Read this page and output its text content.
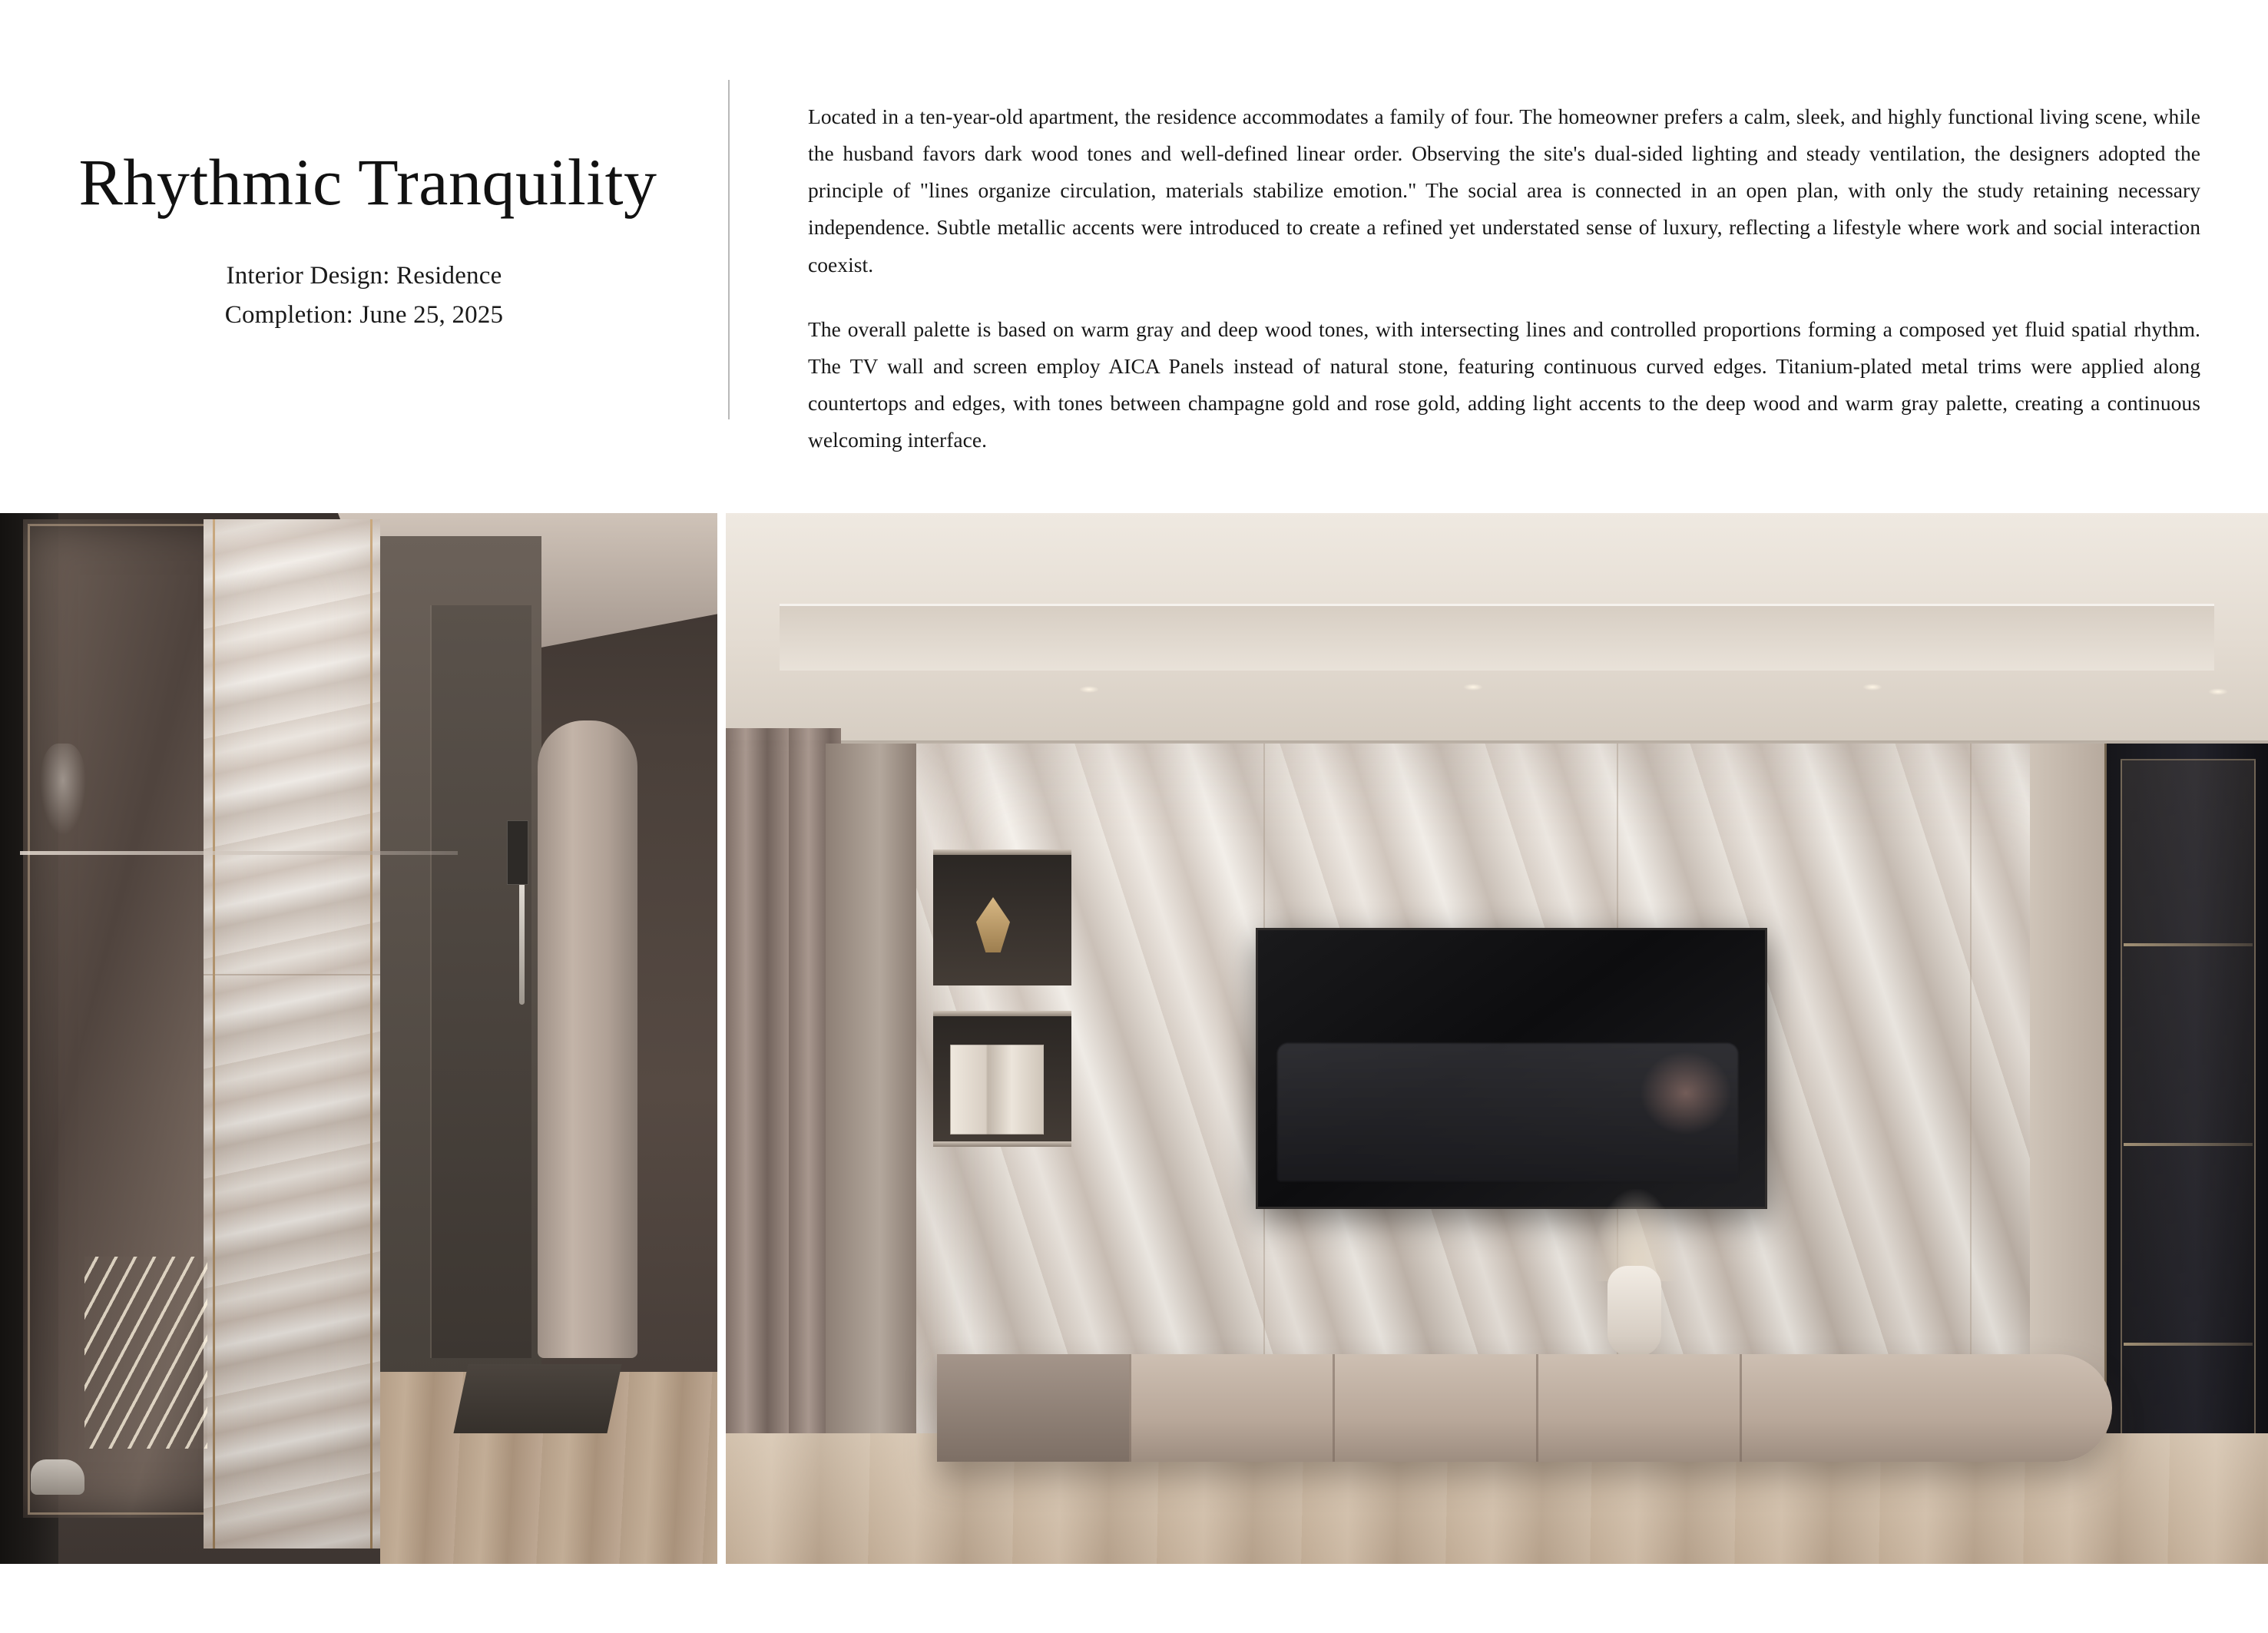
Rhythmic Tranquility
Interior Design: Residence
Completion: June 25, 2025

Located in a ten-year-old apartment, the residence accommodates a family of four. The homeowner prefers a calm, sleek, and highly functional living scene, while the husband favors dark wood tones and well-defined linear order. Observing the site's dual-sided lighting and steady ventilation, the designers adopted the principle of "lines organize circulation, materials stabilize emotion." The social area is connected in an open plan, with only the study retaining necessary independence. Subtle metallic accents were introduced to create a refined yet understated sense of luxury, reflecting a lifestyle where work and social interaction coexist.

The overall palette is based on warm gray and deep wood tones, with intersecting lines and controlled proportions forming a composed yet fluid spatial rhythm. The TV wall and screen employ AICA Panels instead of natural stone, featuring continuous curved edges. Titanium-plated metal trims were applied along countertops and edges, with tones between champagne gold and rose gold, adding light accents to the deep wood and warm gray palette, creating a continuous welcoming interface.
